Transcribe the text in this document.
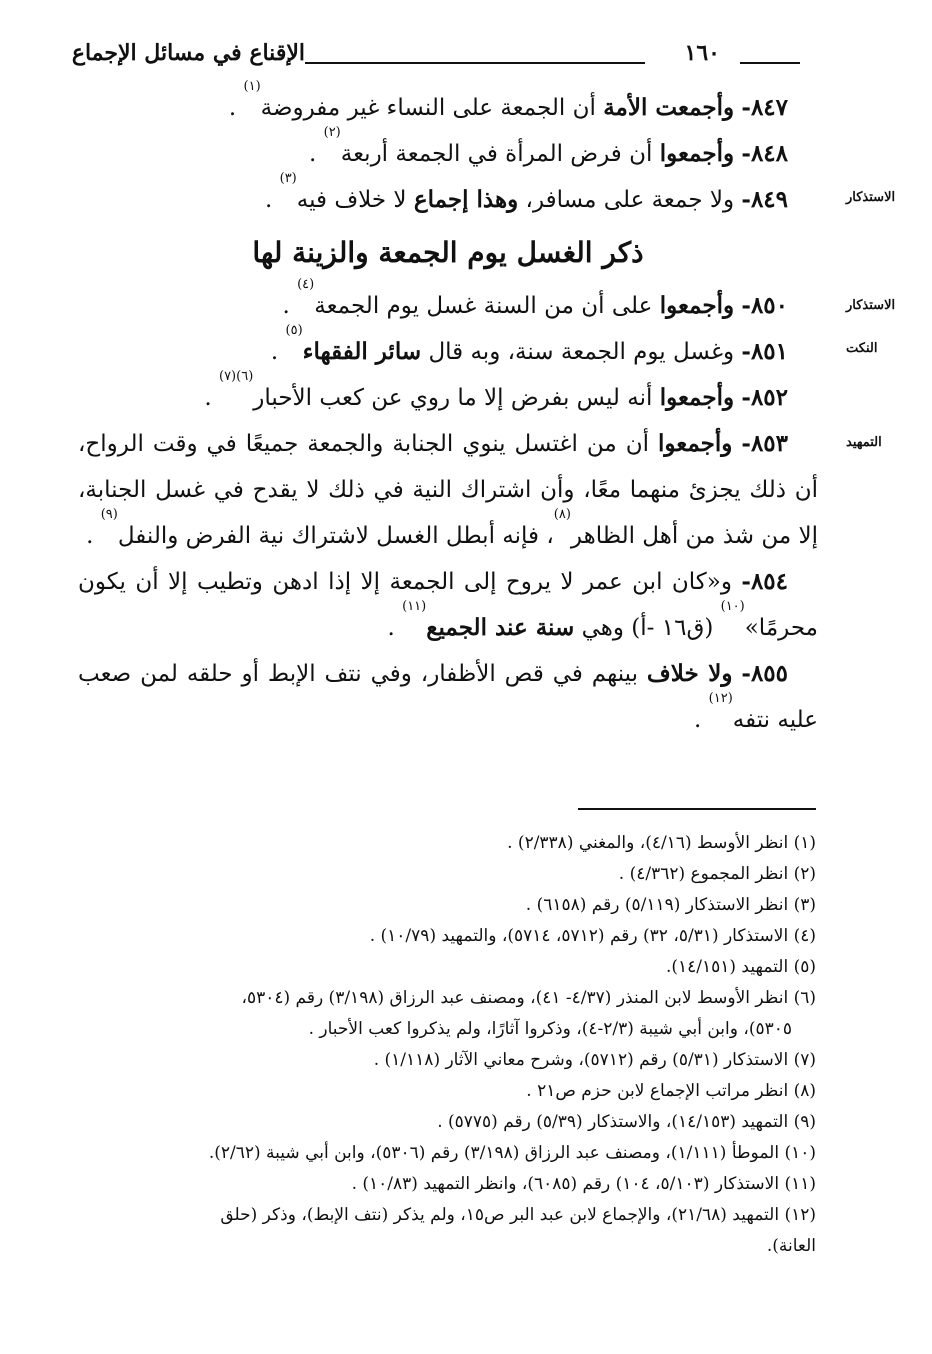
١٦٠
الإقناع في مسائل الإجماع
الاستذكار
الاستذكار
النكت
التمهيد

٨٤٧- وأجمعت الأمة أن الجمعة على النساء غير مفروضة$^{(١)}$ .

٨٤٨- وأجمعوا أن فرض المرأة في الجمعة أربعة$^{(٢)}$ .

٨٤٩- ولا جمعة على مسافر، وهذا إجماع لا خلاف فيه$^{(٣)}$ .

ذكر الغسل يوم الجمعة والزينة لها

٨٥٠- وأجمعوا على أن من السنة غسل يوم الجمعة$^{(٤)}$ .

٨٥١- وغسل يوم الجمعة سنة، وبه قال سائر الفقهاء$^{(٥)}$ .

٨٥٢- وأجمعوا أنه ليس بفرض إلا ما روي عن كعب الأحبار$^{(٦)(٧)}$ .

٨٥٣- وأجمعوا أن من اغتسل ينوي الجنابة والجمعة جميعًا في وقت الرواح، أن ذلك يجزئ منهما معًا، وأن اشتراك النية في ذلك لا يقدح في غسل الجنابة، إلا من شذ من أهل الظاهر$^{(٨)}$، فإنه أبطل الغسل لاشتراك نية الفرض والنفل$^{(٩)}$ .

٨٥٤- و«كان ابن عمر لا يروح إلى الجمعة إلا إذا ادهن وتطيب إلا أن يكون محرمًا»$^{(١٠)}$ (ق١٦ -أ) وهي سنة عند الجميع$^{(١١)}$ .

٨٥٥- ولا خلاف بينهم في قص الأظفار، وفي نتف الإبط أو حلقه لمن صعب عليه نتفه$^{(١٢)}$ .

(١) انظر الأوسط (٤/١٦)، والمغني (٢/٣٣٨) .

(٢) انظر المجموع (٤/٣٦٢) .

(٣) انظر الاستذكار (٥/١١٩) رقم (٦١٥٨) .

(٤) الاستذكار (٥/٣١، ٣٢) رقم (٥٧١٢، ٥٧١٤)، والتمهيد (١٠/٧٩) .

(٥) التمهيد (١٤/١٥١).

(٦) انظر الأوسط لابن المنذر (٤/٣٧- ٤١)، ومصنف عبد الرزاق (٣/١٩٨) رقم (٥٣٠٤،

٥٣٠٥)، وابن أبي شيبة (٢/٣-٤)، وذكروا آثارًا، ولم يذكروا كعب الأحبار .

(٧) الاستذكار (٥/٣١) رقم (٥٧١٢)، وشرح معاني الآثار (١/١١٨) .

(٨) انظر مراتب الإجماع لابن حزم ص٢١ .

(٩) التمهيد (١٤/١٥٣)، والاستذكار (٥/٣٩) رقم (٥٧٧٥) .

(١٠) الموطأ (١/١١١)، ومصنف عبد الرزاق (٣/١٩٨) رقم (٥٣٠٦)، وابن أبي شيبة (٢/٦٢).

(١١) الاستذكار (٥/١٠٣، ١٠٤) رقم (٦٠٨٥)، وانظر التمهيد (١٠/٨٣) .

(١٢) التمهيد (٢١/٦٨)، والإجماع لابن عبد البر ص١٥، ولم يذكر (نتف الإبط)، وذكر (حلق

العانة).
